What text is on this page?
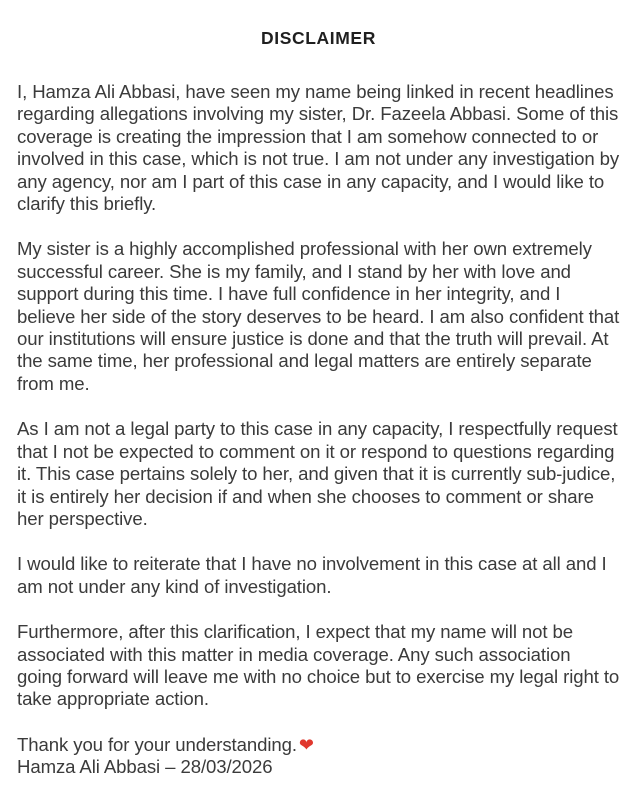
DISCLAIMER

I, Hamza Ali Abbasi, have seen my name being linked in recent headlines regarding allegations involving my sister, Dr. Fazeela Abbasi. Some of this coverage is creating the impression that I am somehow connected to or involved in this case, which is not true. I am not under any investigation by any agency, nor am I part of this case in any capacity, and I would like to clarify this briefly.

My sister is a highly accomplished professional with her own extremely successful career. She is my family, and I stand by her with love and support during this time. I have full confidence in her integrity, and I believe her side of the story deserves to be heard. I am also confident that our institutions will ensure justice is done and that the truth will prevail. At the same time, her professional and legal matters are entirely separate from me.

As I am not a legal party to this case in any capacity, I respectfully request that I not be expected to comment on it or respond to questions regarding it. This case pertains solely to her, and given that it is currently sub-judice, it is entirely her decision if and when she chooses to comment or share her perspective.

I would like to reiterate that I have no involvement in this case at all and I am not under any kind of investigation.

Furthermore, after this clarification, I expect that my name will not be associated with this matter in media coverage. Any such association going forward will leave me with no choice but to exercise my legal right to take appropriate action.

Thank you for your understanding. ❤

Hamza Ali Abbasi – 28/03/2026
